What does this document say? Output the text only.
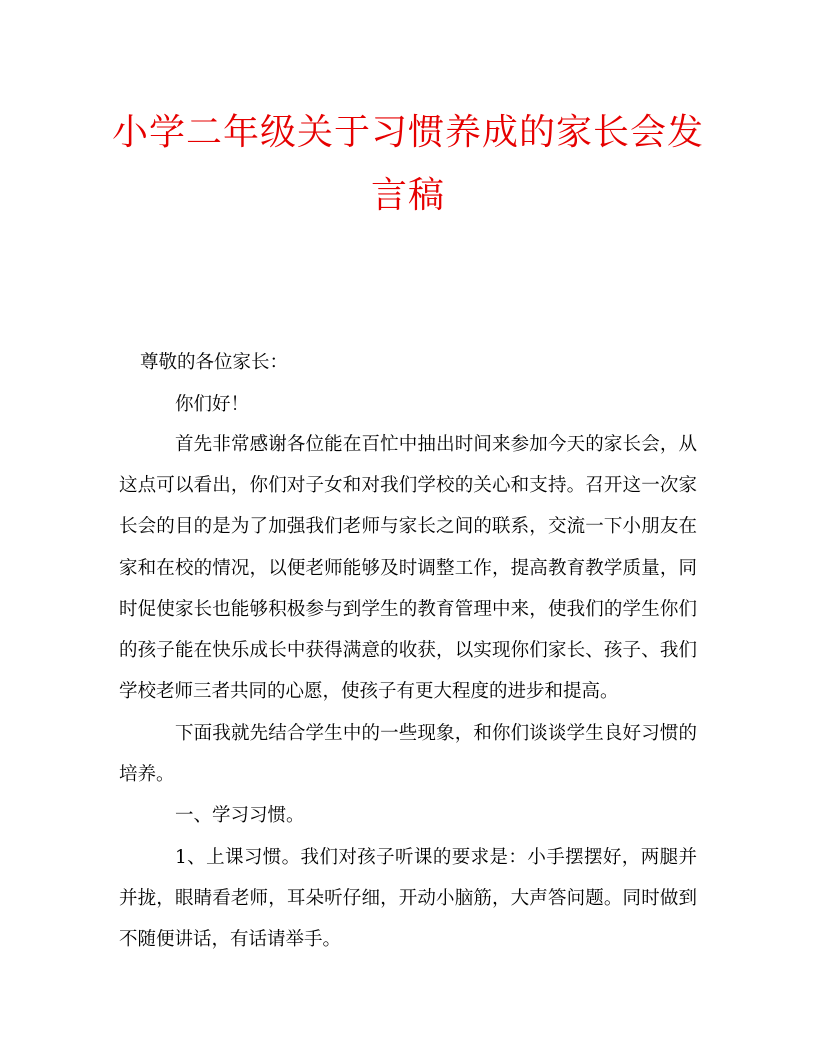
小学二年级关于习惯养成的家长会发
言稿
尊敬的各位家长：
你们好！
首先非常感谢各位能在百忙中抽出时间来参加今天的家长会，从
这点可以看出，你们对子女和对我们学校的关心和支持。召开这一次家
长会的目的是为了加强我们老师与家长之间的联系，交流一下小朋友在
家和在校的情况，以便老师能够及时调整工作，提高教育教学质量，同
时促使家长也能够积极参与到学生的教育管理中来，使我们的学生你们
的孩子能在快乐成长中获得满意的收获，以实现你们家长、孩子、我们
学校老师三者共同的心愿，使孩子有更大程度的进步和提高。
下面我就先结合学生中的一些现象，和你们谈谈学生良好习惯的
培养。
一、学习习惯。
1、上课习惯。我们对孩子听课的要求是：小手摆摆好，两腿并
并拢，眼睛看老师，耳朵听仔细，开动小脑筋，大声答问题。同时做到
不随便讲话，有话请举手。
